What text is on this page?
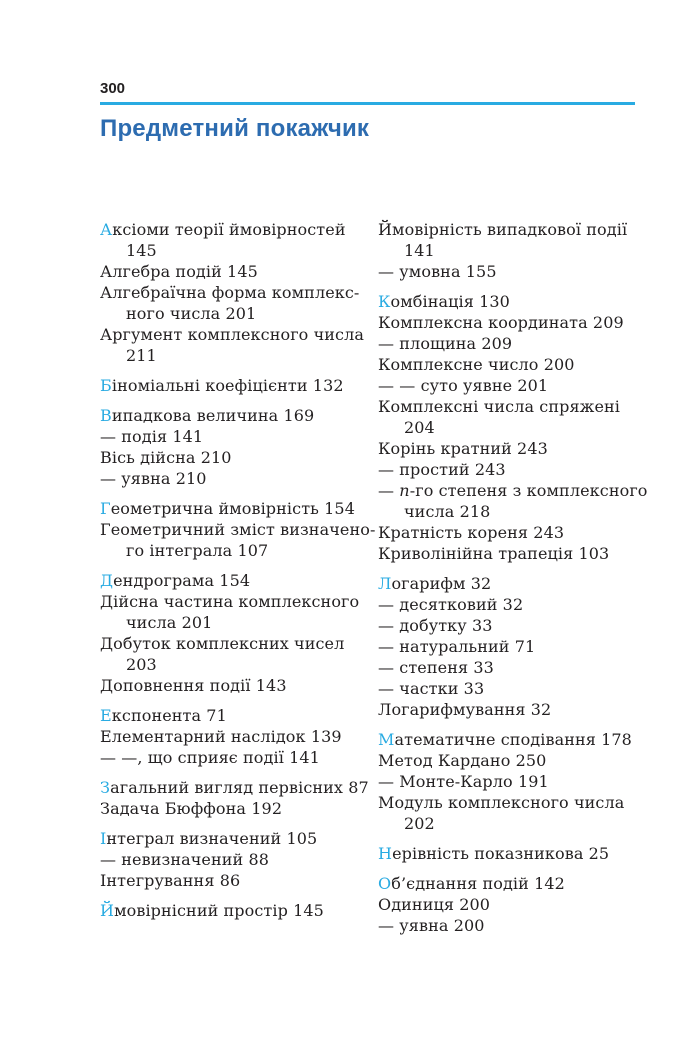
300
Предметний покажчик
Аксіоми теорії ймовірностей
145
Алгебра подій 145
Алгебраїчна форма комплекс-
ного числа 201
Аргумент комплексного числа
211
Біноміальні коефіцієнти 132
Випадкова величина 169
— подія 141
Вісь дійсна 210
— уявна 210
Геометрична ймовірність 154
Геометричний зміст визначено-
го інтеграла 107
Дендрограма 154
Дійсна частина комплексного
числа 201
Добуток комплексних чисел
203
Доповнення події 143
Експонента 71
Елементарний наслідок 139
— —, що сприяє події 141
Загальний вигляд первісних 87
Задача Бюффона 192
Інтеграл визначений 105
— невизначений 88
Інтегрування 86
Ймовірнісний простір 145
Ймовірність випадкової події
141
— умовна 155
Комбінація 130
Комплексна координата 209
— площина 209
Комплексне число 200
— — суто уявне 201
Комплексні числа спряжені
204
Корінь кратний 243
— простий 243
— n-го степеня з комплексного
числа 218
Кратність кореня 243
Криволінійна трапеція 103
Логарифм 32
— десятковий 32
— добутку 33
— натуральний 71
— степеня 33
— частки 33
Логарифмування 32
Математичне сподівання 178
Метод Кардано 250
— Монте-Карло 191
Модуль комплексного числа
202
Нерівність показникова 25
Об’єднання подій 142
Одиниця 200
— уявна 200
